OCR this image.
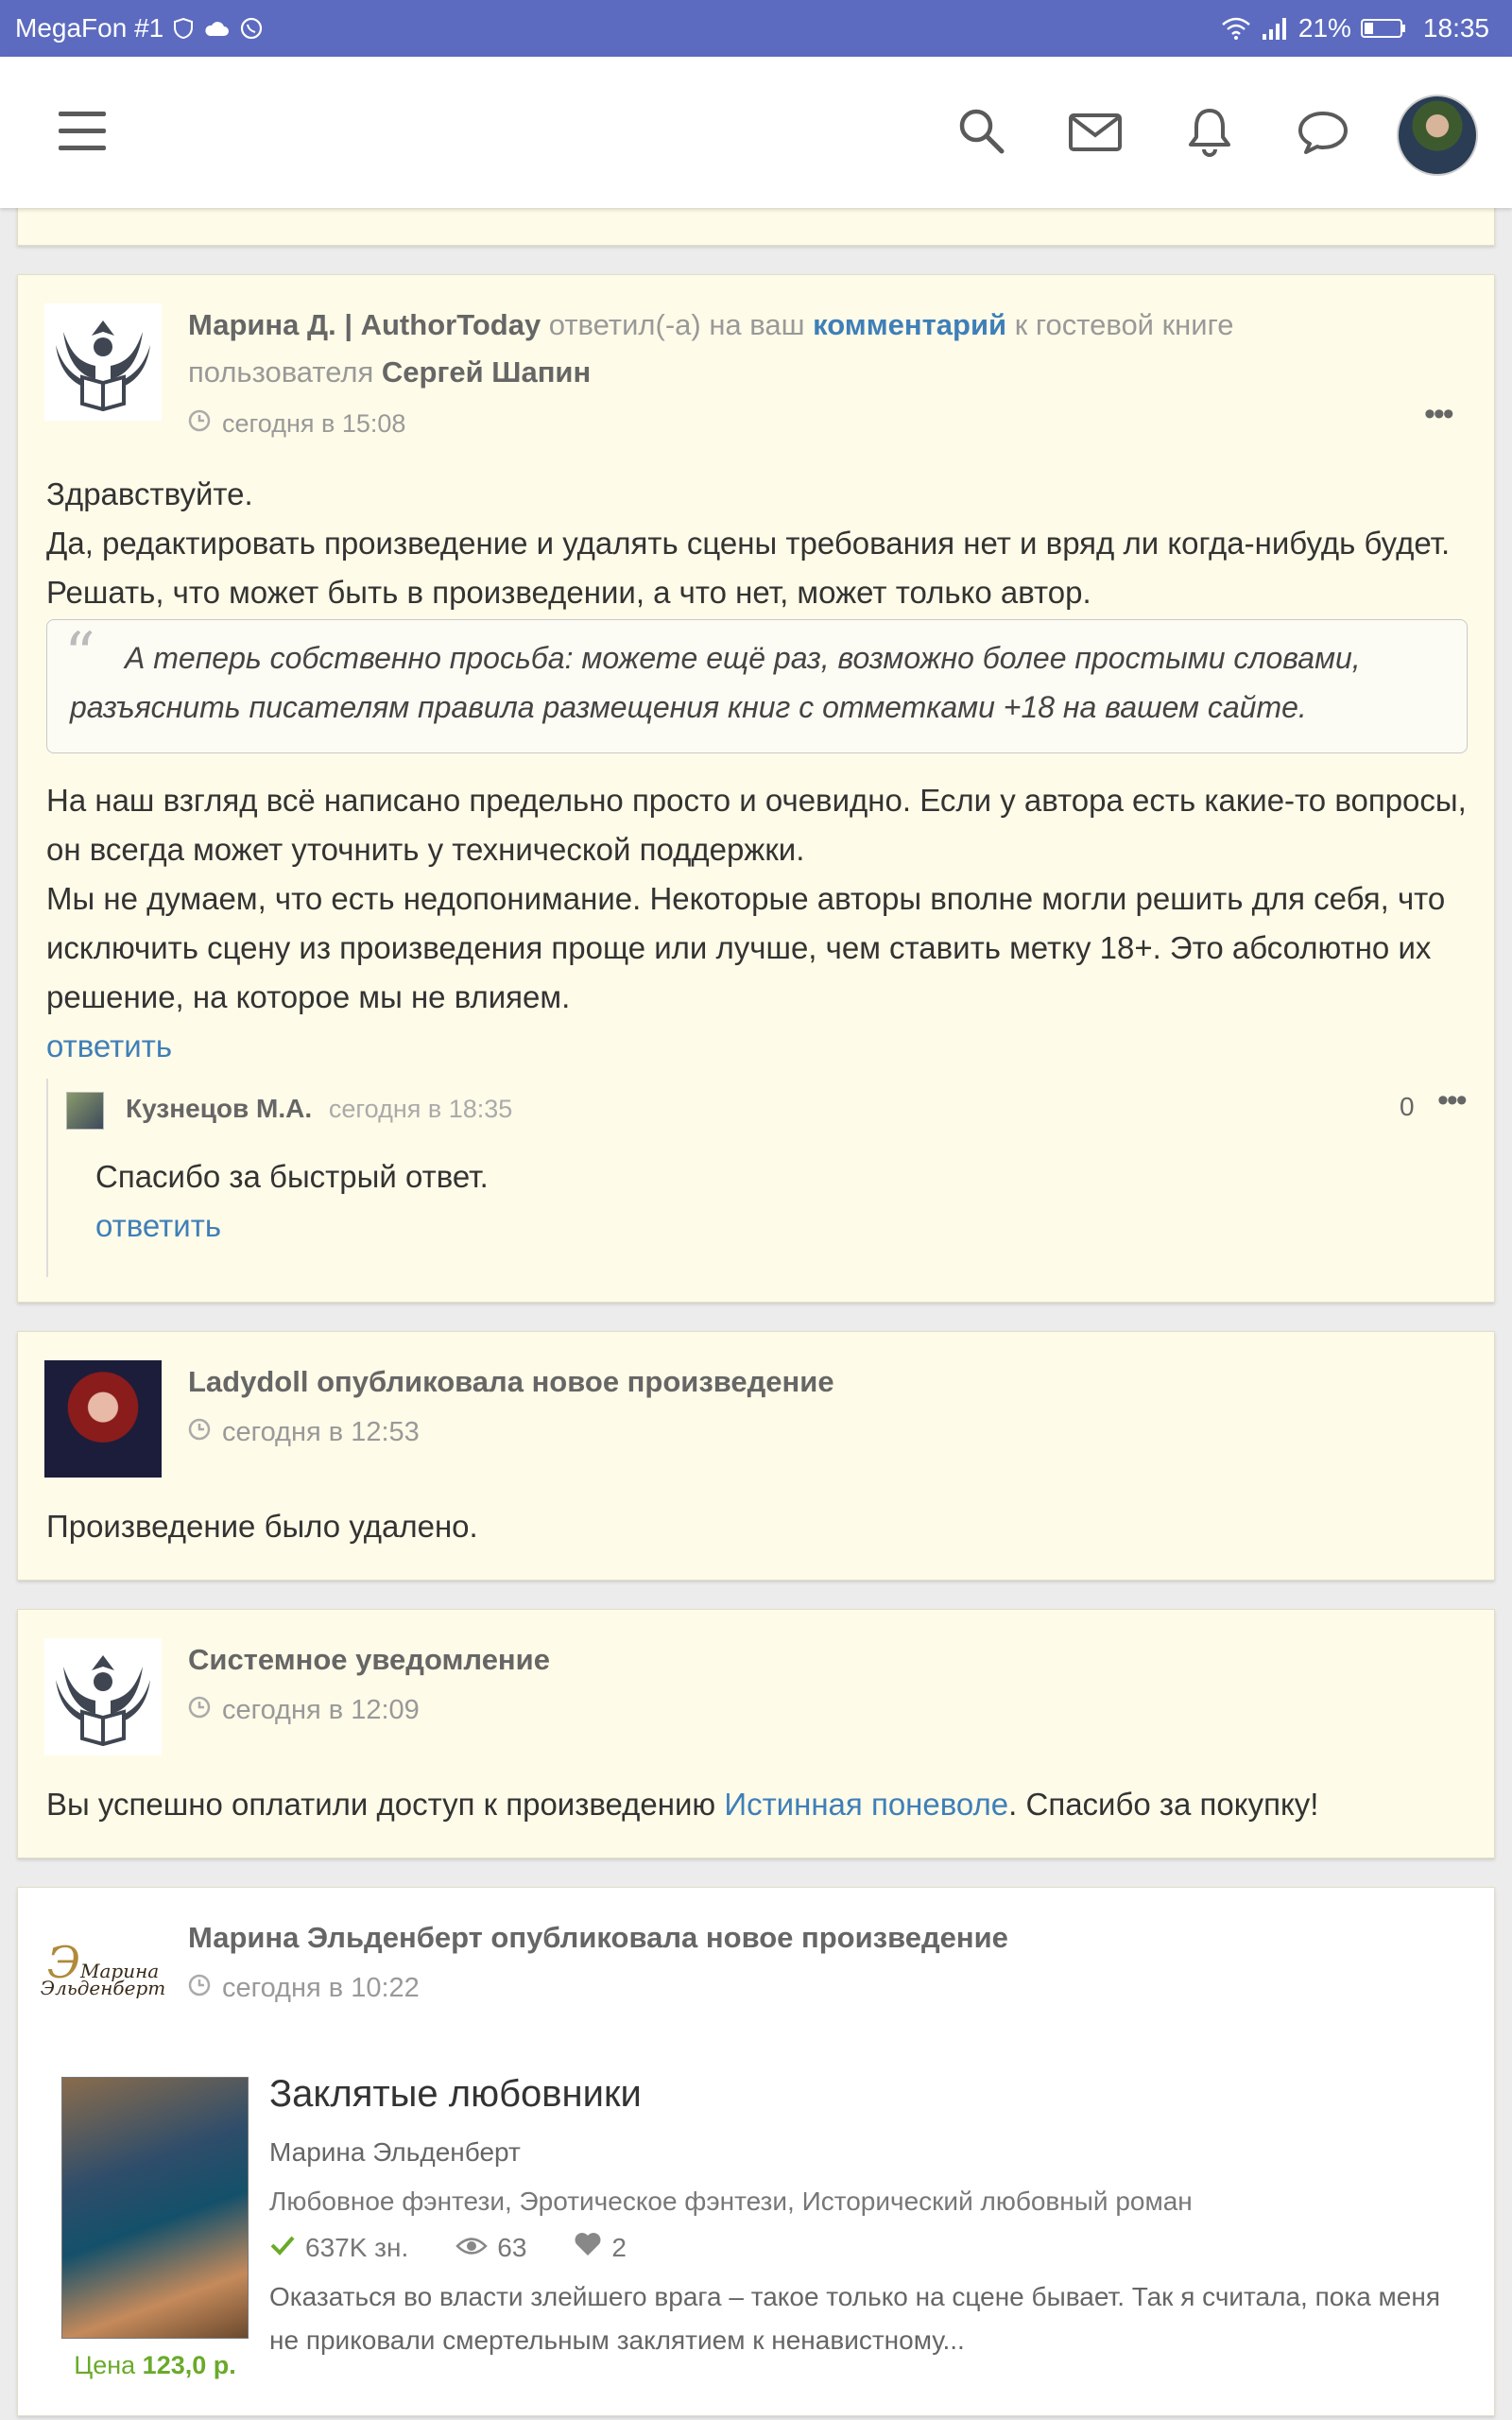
MegaFon #1	21%	18:35
Марина Д. | AuthorToday ответил(-а) на ваш комментарий к гостевой книге пользователя Сергей Шапин
сегодня в 15:08	•••
Здравствуйте.
Да, редактировать произведение и удалять сцены требования нет и вряд ли когда-нибудь будет. Решать, что может быть в произведении, а что нет, может только автор.
“ А теперь собственно просьба: можете ещё раз, возможно более простыми словами, разъяснить писателям правила размещения книг с отметками +18 на вашем сайте.
На наш взгляд всё написано предельно просто и очевидно. Если у автора есть какие-то вопросы, он всегда может уточнить у технической поддержки.
Мы не думаем, что есть недопонимание. Некоторые авторы вполне могли решить для себя, что исключить сцену из произведения проще или лучше, чем ставить метку 18+. Это абсолютно их решение, на которое мы не влияем.
ответить
Кузнецов М.А. сегодня в 18:35	0 •••
Спасибо за быстрый ответ.
ответить
Ladydoll опубликовала новое произведение
сегодня в 12:53
Произведение было удалено.
Системное уведомление
сегодня в 12:09
Вы успешно оплатили доступ к произведению Истинная поневоле. Спасибо за покупку!
ЭМарина Эльденберт
Марина Эльденберт опубликовала новое произведение
сегодня в 10:22
Цена 123,0 р.
Заклятые любовники
Марина Эльденберт
Любовное фэнтези, Эротическое фэнтези, Исторический любовный роман
637K зн.	63	2
Оказаться во власти злейшего врага – такое только на сцене бывает. Так я считала, пока меня не приковали смертельным заклятием к ненавистному...
